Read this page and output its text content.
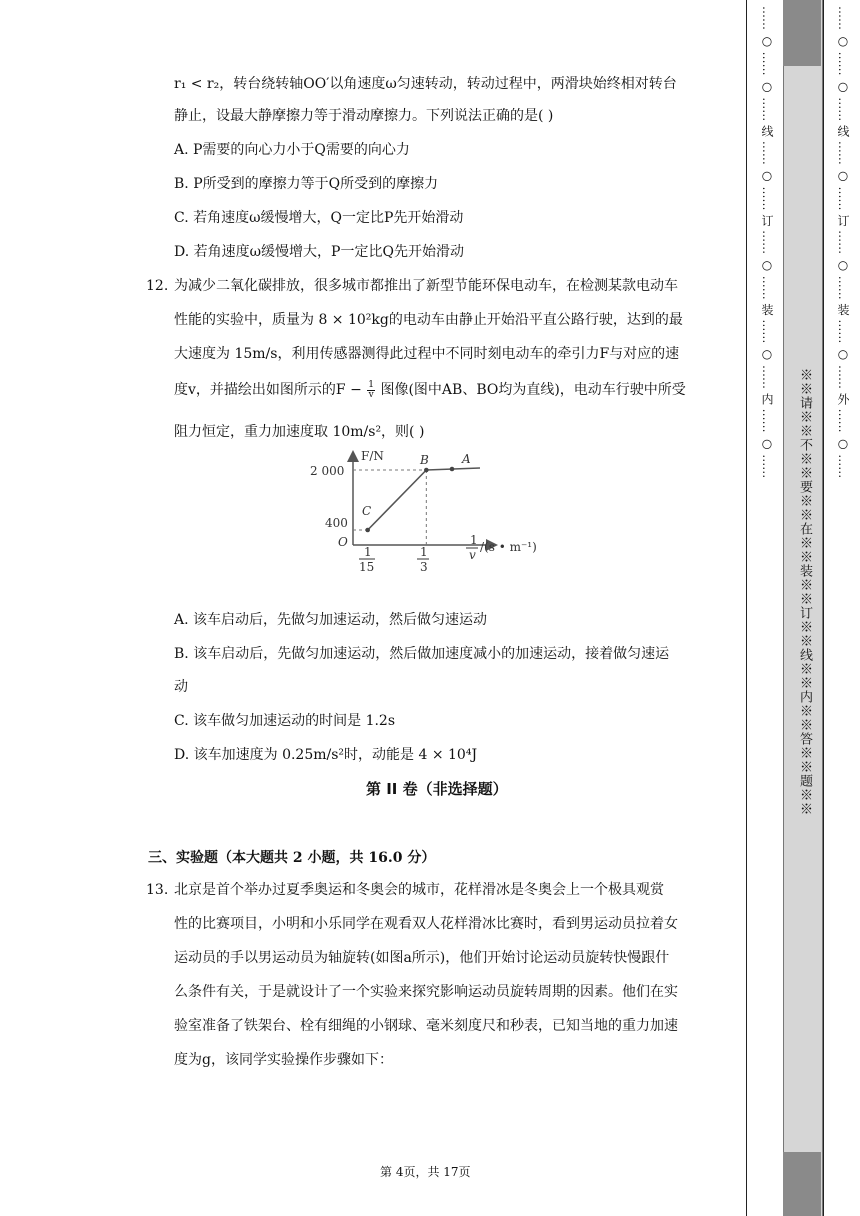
r₁ < r₂，转台绕转轴OO′以角速度ω匀速转动，转动过程中，两滑块始终相对转台
静止，设最大静摩擦力等于滑动摩擦力。下列说法正确的是( )
A. P需要的向心力小于Q需要的向心力
B. P所受到的摩擦力等于Q所受到的摩擦力
C. 若角速度ω缓慢增大，Q一定比P先开始滑动
D. 若角速度ω缓慢增大，P一定比Q先开始滑动
12. 为减少二氧化碳排放，很多城市都推出了新型节能环保电动车，在检测某款电动车
性能的实验中，质量为 8 × 10²kg的电动车由静止开始沿平直公路行驶，达到的最
大速度为 15m/s，利用传感器测得此过程中不同时刻电动车的牵引力F与对应的速
度v，并描绘出如图所示的$F - \frac{1}{v}$ 图像(图中AB、BO均为直线)，电动车行驶中所受
阻力恒定，重力加速度取 10m/s²，则( )
F/N
2 000
400
O
C
B	A
1
15
1
3
1
v
/(s • m⁻¹)
A. 该车启动后，先做匀加速运动，然后做匀速运动
B. 该车启动后，先做匀加速运动，然后做加速度减小的加速运动，接着做匀速运
动
C. 该车做匀加速运动的时间是 1.2s
D. 该车加速度为 0.25m/s²时，动能是 4 × 10⁴J
第 II 卷（非选择题）
三、实验题（本大题共 2 小题，共 16.0 分）
13. 北京是首个举办过夏季奥运和冬奥会的城市，花样滑冰是冬奥会上一个极具观赏
性的比赛项目，小明和小乐同学在观看双人花样滑冰比赛时，看到男运动员拉着女
运动员的手以男运动员为轴旋转(如图a所示)，他们开始讨论运动员旋转快慢跟什
么条件有关，于是就设计了一个实验来探究影响运动员旋转周期的因素。他们在实
验室准备了铁架台、栓有细绳的小钢球、毫米刻度尺和秒表，已知当地的重力加速
度为g，该同学实验操作步骤如下：
第 4页，共 17页
…… ○ …… ○ …… 线 …… ○ …… 订 …… ○ …… 装 …… ○ …… 内 …… ○ ……
※※请※※不※※要※※在※※装※※订※※线※※内※※答※※题※※
…… ○ …… ○ …… 线 …… ○ …… 订 …… ○ …… 装 …… ○ …… 外 …… ○ ……
